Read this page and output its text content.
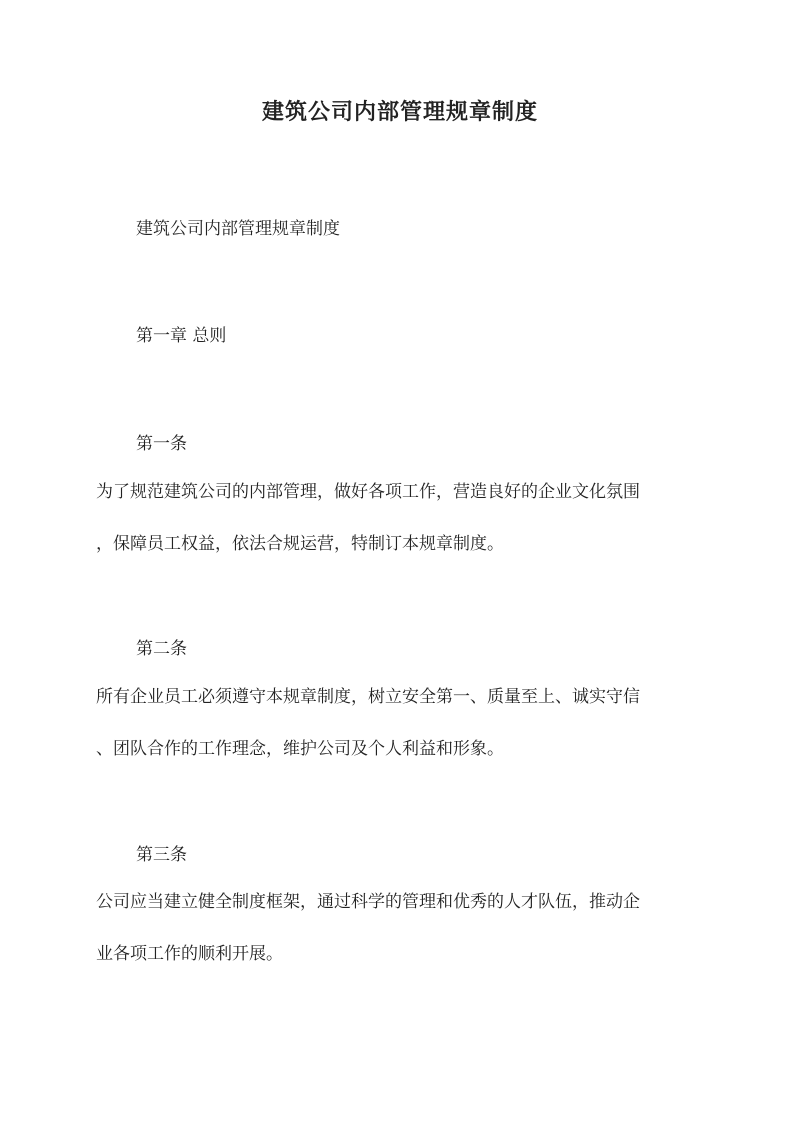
建筑公司内部管理规章制度
建筑公司内部管理规章制度
第一章 总则
第一条
为了规范建筑公司的内部管理，做好各项工作，营造良好的企业文化氛围
，保障员工权益，依法合规运营，特制订本规章制度。
第二条
所有企业员工必须遵守本规章制度，树立安全第一、质量至上、诚实守信
、团队合作的工作理念，维护公司及个人利益和形象。
第三条
公司应当建立健全制度框架，通过科学的管理和优秀的人才队伍，推动企
业各项工作的顺利开展。
